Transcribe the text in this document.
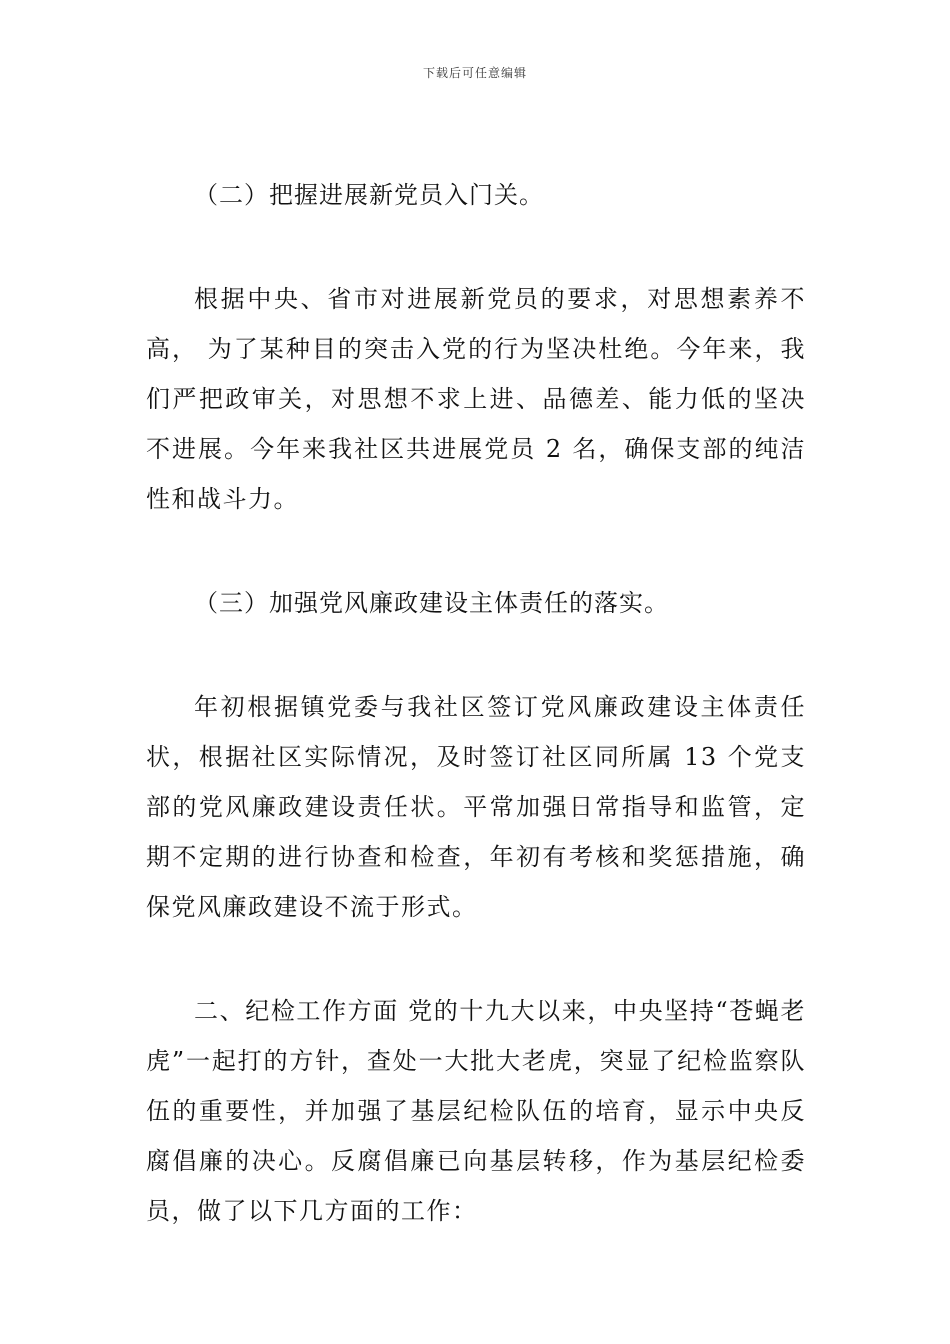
下载后可任意编辑

（二）把握进展新党员入门关。

根据中央、省市对进展新党员的要求，对思想素养不高， 为了某种目的突击入党的行为坚决杜绝。今年来，我们严把政审关，对思想不求上进、品德差、能力低的坚决不进展。今年来我社区共进展党员 2 名，确保支部的纯洁性和战斗力。

（三）加强党风廉政建设主体责任的落实。

年初根据镇党委与我社区签订党风廉政建设主体责任状，根据社区实际情况，及时签订社区同所属 13 个党支部的党风廉政建设责任状。平常加强日常指导和监管，定期不定期的进行协查和检查，年初有考核和奖惩措施，确保党风廉政建设不流于形式。

二、纪检工作方面 党的十九大以来，中央坚持“苍蝇老虎”一起打的方针，查处一大批大老虎，突显了纪检监察队伍的重要性，并加强了基层纪检队伍的培育，显示中央反腐倡廉的决心。反腐倡廉已向基层转移，作为基层纪检委员，做了以下几方面的工作：
